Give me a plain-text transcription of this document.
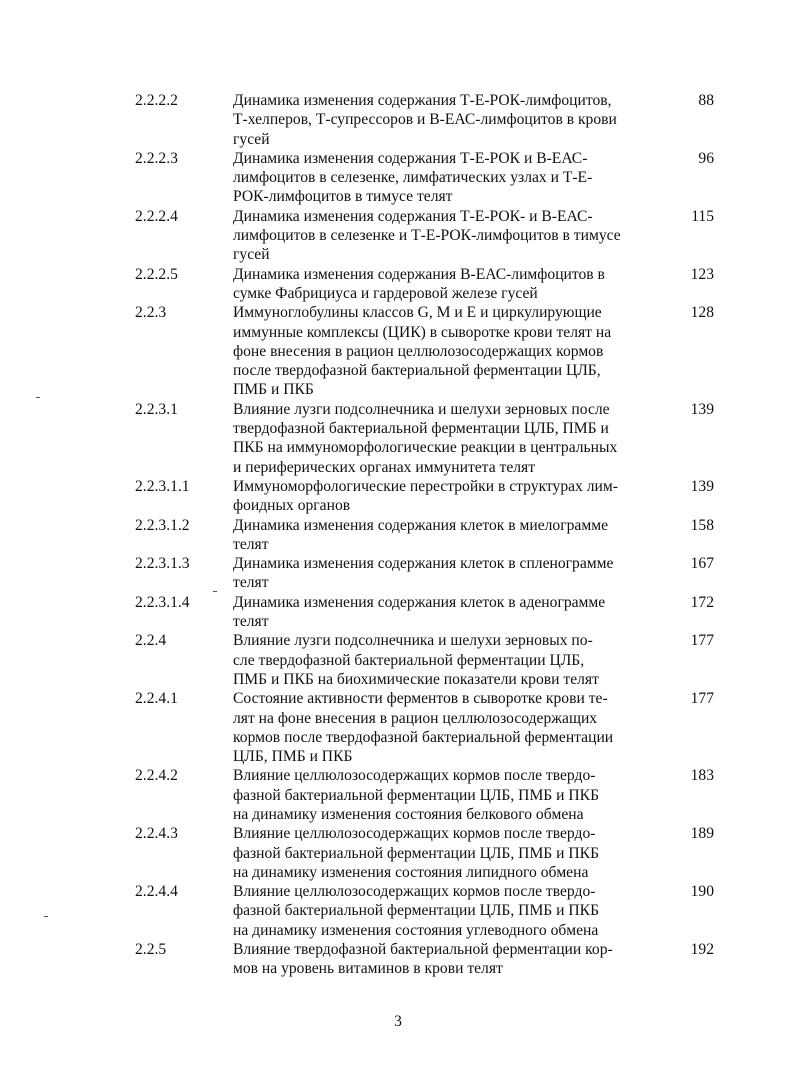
2.2.2.2	Динамика изменения содержания Т-Е-РОК-лимфоцитов,
Т-хелперов, Т-супрессоров и В-ЕАС-лимфоцитов в крови
гусей
88
2.2.2.3	Динамика изменения содержания Т-Е-РОК и В-ЕАС-
лимфоцитов в селезенке, лимфатических узлах и Т-Е-
РОК-лимфоцитов в тимусе телят
96
2.2.2.4	Динамика изменения содержания Т-Е-РОК- и В-ЕАС-
лимфоцитов в селезенке и Т-Е-РОК-лимфоцитов в тимусе
гусей
115
2.2.2.5	Динамика изменения содержания В-ЕАС-лимфоцитов в
сумке Фабрициуса и гардеровой железе гусей
123
2.2.3	Иммуноглобулины классов G, М и Е и циркулирующие
иммунные комплексы (ЦИК) в сыворотке крови телят на
фоне внесения в рацион целлюлозосодержащих кормов
после твердофазной бактериальной ферментации ЦЛБ,
ПМБ и ПКБ
128
2.2.3.1	Влияние лузги подсолнечника и шелухи зерновых после
твердофазной бактериальной ферментации ЦЛБ, ПМБ и
ПКБ на иммуноморфологические реакции в центральных
и периферических органах иммунитета телят
139
2.2.3.1.1	Иммуноморфологические перестройки в структурах лим-
фоидных органов
139
2.2.3.1.2	Динамика изменения содержания клеток в миелограмме
телят
158
2.2.3.1.3	Динамика изменения содержания клеток в спленограмме
телят
167
2.2.3.1.4	Динамика изменения содержания клеток в аденограмме
телят
172
2.2.4	Влияние лузги подсолнечника и шелухи зерновых по-
сле твердофазной бактериальной ферментации ЦЛБ,
ПМБ и ПКБ на биохимические показатели крови телят
177
2.2.4.1	Состояние активности ферментов в сыворотке крови те-
лят на фоне внесения в рацион целлюлозосодержащих
кормов после твердофазной бактериальной ферментации
ЦЛБ, ПМБ и ПКБ
177
2.2.4.2	Влияние целлюлозосодержащих кормов после твердо-
фазной бактериальной ферментации ЦЛБ, ПМБ и ПКБ
на динамику изменения состояния белкового обмена
183
2.2.4.3	Влияние целлюлозосодержащих кормов после твердо-
фазной бактериальной ферментации ЦЛБ, ПМБ и ПКБ
на динамику изменения состояния липидного обмена
189
2.2.4.4	Влияние целлюлозосодержащих кормов после твердо-
фазной бактериальной ферментации ЦЛБ, ПМБ и ПКБ
на динамику изменения состояния углеводного обмена
190
2.2.5	Влияние твердофазной бактериальной ферментации кор-
мов на уровень витаминов в крови телят
192
3
